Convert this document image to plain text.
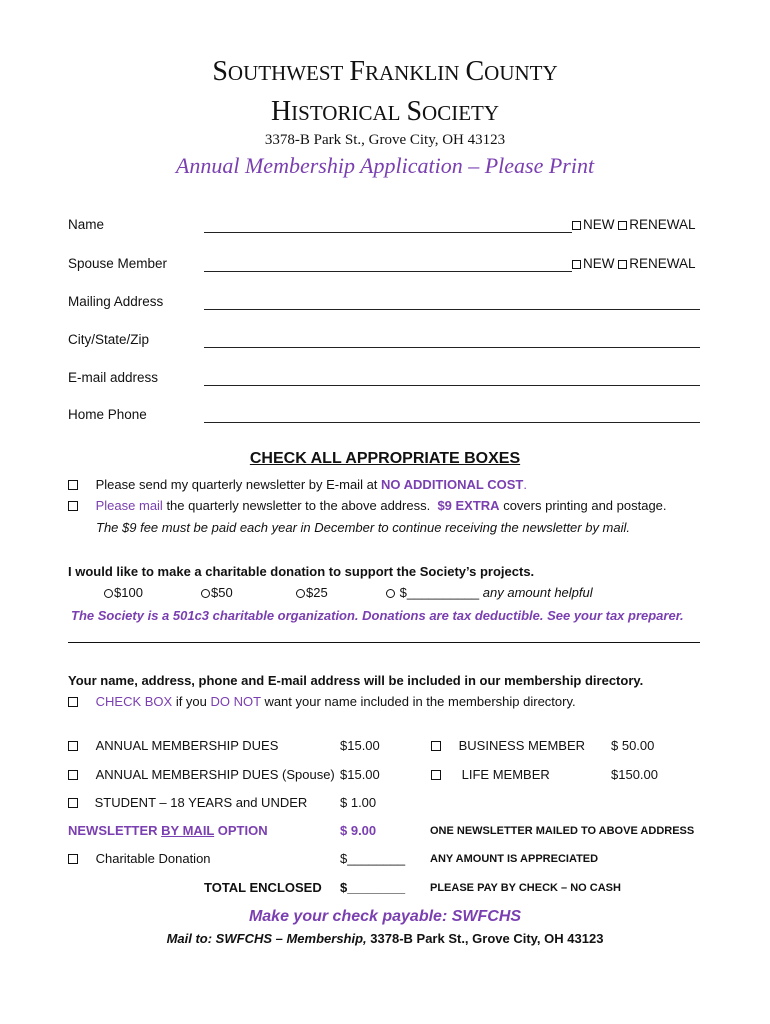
SOUTHWEST FRANKLIN COUNTY
HISTORICAL SOCIETY
3378-B Park St., Grove City, OH 43123
Annual Membership Application – Please Print
Name	NEW RENEWAL
Spouse Member	NEW RENEWAL
Mailing Address
City/State/Zip
E-mail address
Home Phone
CHECK ALL APPROPRIATE BOXES
Please send my quarterly newsletter by E-mail at NO ADDITIONAL COST.
Please mail the quarterly newsletter to the above address.  $9 EXTRA covers printing and postage.
The $9 fee must be paid each year in December to continue receiving the newsletter by mail.
I would like to make a charitable donation to support the Society’s projects.
$100	$50	$25	$__________ any amount helpful
The Society is a 501c3 charitable organization. Donations are tax deductible. See your tax preparer.
Your name, address, phone and E-mail address will be included in our membership directory.
CHECK BOX if you DO NOT want your name included in the membership directory.
ANNUAL MEMBERSHIP DUES	$15.00	BUSINESS MEMBER $ 50.00
ANNUAL MEMBERSHIP DUES (Spouse) $15.00	LIFE MEMBER	$150.00
STUDENT – 18 YEARS and UNDER	$ 1.00
NEWSLETTER BY MAIL OPTION	$ 9.00	ONE NEWSLETTER MAILED TO ABOVE ADDRESS
Charitable Donation	$________ ANY AMOUNT IS APPRECIATED
TOTAL ENCLOSED $________ PLEASE PAY BY CHECK – NO CASH
Make your check payable: SWFCHS
Mail to: SWFCHS – Membership, 3378-B Park St., Grove City, OH 43123
